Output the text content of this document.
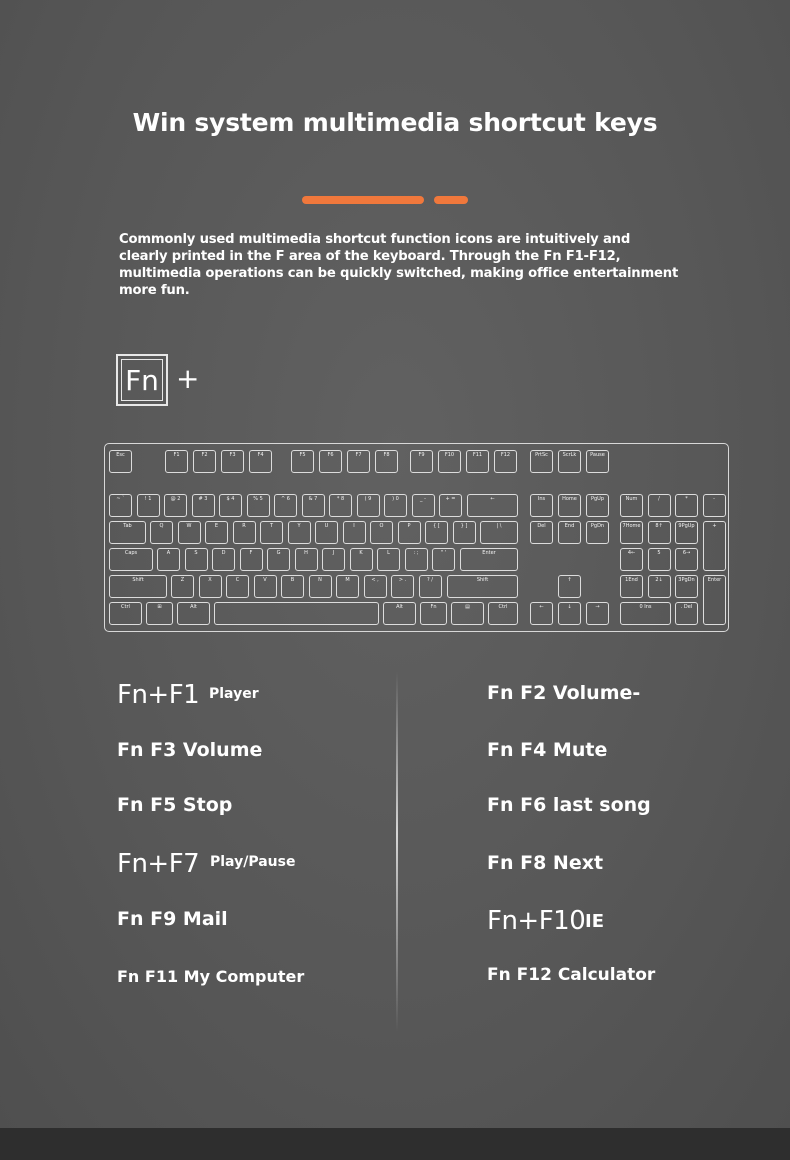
Win system multimedia shortcut keys

Commonly used multimedia shortcut function icons are intuitively and clearly printed in the F area of the keyboard. Through the Fn F1-F12, multimedia operations can be quickly switched, making office entertainment more fun.

Fn +
Esc	F1	F2	F3	F4	F5	F6	F7	F8	F9	F10	F11	F12	PrtSc	ScrLk	Pause
~ `	! 1	@ 2	# 3	$ 4	% 5	^ 6	& 7	* 8	( 9	) 0	_ -	+ =	←	Ins	Home	PgUp	Num	/	*	-
Tab	Q	W	E	R	T	Y	U	I	O	P	{ [	} ]	| \	Del	End	PgDn	7Home	8↑	9PgUp	+
Caps	A	S	D	F	G	H	J	K	L	: ;	" '	Enter	4←	5	6→
Shift	Z	X	C	V	B	N	M	< ,	> .	? /	Shift	↑	1End	2↓	3PgDn	Enter
Ctrl	⊞	Alt	Alt	Fn	▤	Ctrl	←	↓	→	0 Ins	. Del
Fn+F1 Player
Fn F3 Volume
Fn F5 Stop
Fn+F7 Play/Pause
Fn F9 Mail
Fn F11 My Computer
Fn F2 Volume-
Fn F4 Mute
Fn F6 last song
Fn F8 Next
Fn+F10 IE
Fn F12 Calculator
